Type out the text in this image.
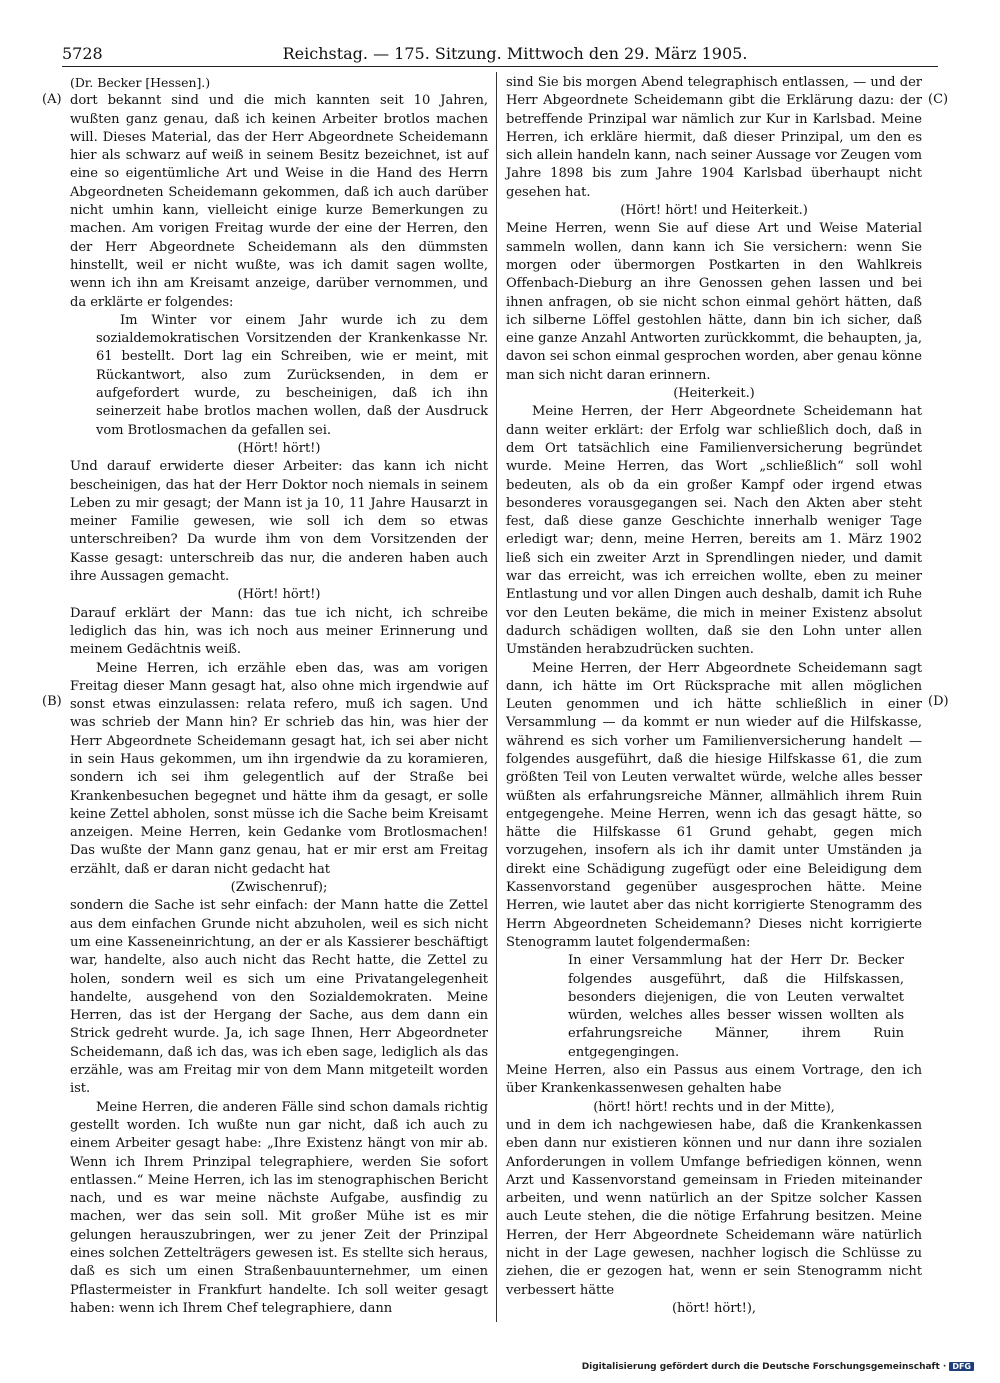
5728	Reichstag. — 175. Sitzung. Mittwoch den 29. März 1905.

(Dr. Becker [Hessen].)

dort bekannt sind und die mich kannten seit 10 Jahren, wußten ganz genau, daß ich keinen Arbeiter brotlos machen will. Dieses Material, das der Herr Abgeordnete Scheidemann hier als schwarz auf weiß in seinem Besitz bezeichnet, ist auf eine so eigentümliche Art und Weise in die Hand des Herrn Abgeordneten Scheidemann gekommen, daß ich auch darüber nicht umhin kann, vielleicht einige kurze Bemerkungen zu machen. Am vorigen Freitag wurde der eine der Herren, den der Herr Abgeordnete Scheidemann als den dümmsten hinstellt, weil er nicht wußte, was ich damit sagen wollte, wenn ich ihn am Kreisamt anzeige, darüber vernommen, und da erklärte er folgendes:

Im Winter vor einem Jahr wurde ich zu dem sozialdemokratischen Vorsitzenden der Krankenkasse Nr. 61 bestellt. Dort lag ein Schreiben, wie er meint, mit Rückantwort, also zum Zurücksenden, in dem er aufgefordert wurde, zu bescheinigen, daß ich ihn seinerzeit habe brotlos machen wollen, daß der Ausdruck vom Brotlosmachen da gefallen sei.

(Hört! hört!)

Und darauf erwiderte dieser Arbeiter: das kann ich nicht bescheinigen, das hat der Herr Doktor noch niemals in seinem Leben zu mir gesagt; der Mann ist ja 10, 11 Jahre Hausarzt in meiner Familie gewesen, wie soll ich dem so etwas unterschreiben? Da wurde ihm von dem Vorsitzenden der Kasse gesagt: unterschreib das nur, die anderen haben auch ihre Aussagen gemacht.

(Hört! hört!)

Darauf erklärt der Mann: das tue ich nicht, ich schreibe lediglich das hin, was ich noch aus meiner Erinnerung und meinem Gedächtnis weiß.

Meine Herren, ich erzähle eben das, was am vorigen Freitag dieser Mann gesagt hat, also ohne mich irgendwie auf sonst etwas einzulassen: relata refero, muß ich sagen. Und was schrieb der Mann hin? Er schrieb das hin, was hier der Herr Abgeordnete Scheidemann gesagt hat, ich sei aber nicht in sein Haus gekommen, um ihn irgendwie da zu koramieren, sondern ich sei ihm gelegentlich auf der Straße bei Krankenbesuchen begegnet und hätte ihm da gesagt, er solle keine Zettel abholen, sonst müsse ich die Sache beim Kreisamt anzeigen. Meine Herren, kein Gedanke vom Brotlosmachen! Das wußte der Mann ganz genau, hat er mir erst am Freitag erzählt, daß er daran nicht gedacht hat

(Zwischenruf);

sondern die Sache ist sehr einfach: der Mann hatte die Zettel aus dem einfachen Grunde nicht abzuholen, weil es sich nicht um eine Kasseneinrichtung, an der er als Kassierer beschäftigt war, handelte, also auch nicht das Recht hatte, die Zettel zu holen, sondern weil es sich um eine Privatangelegenheit handelte, ausgehend von den Sozialdemokraten. Meine Herren, das ist der Hergang der Sache, aus dem dann ein Strick gedreht wurde. Ja, ich sage Ihnen, Herr Abgeordneter Scheidemann, daß ich das, was ich eben sage, lediglich als das erzähle, was am Freitag mir von dem Mann mitgeteilt worden ist.

Meine Herren, die anderen Fälle sind schon damals richtig gestellt worden. Ich wußte nun gar nicht, daß ich auch zu einem Arbeiter gesagt habe: „Ihre Existenz hängt von mir ab. Wenn ich Ihrem Prinzipal telegraphiere, werden Sie sofort entlassen.“ Meine Herren, ich las im stenographischen Bericht nach, und es war meine nächste Aufgabe, ausfindig zu machen, wer das sein soll. Mit großer Mühe ist es mir gelungen herauszubringen, wer zu jener Zeit der Prinzipal eines solchen Zettelträgers gewesen ist. Es stellte sich heraus, daß es sich um einen Straßenbauunternehmer, um einen Pflastermeister in Frankfurt handelte. Ich soll weiter gesagt haben: wenn ich Ihrem Chef telegraphiere, dann

sind Sie bis morgen Abend telegraphisch entlassen, — und der Herr Abgeordnete Scheidemann gibt die Erklärung dazu: der betreffende Prinzipal war nämlich zur Kur in Karlsbad. Meine Herren, ich erkläre hiermit, daß dieser Prinzipal, um den es sich allein handeln kann, nach seiner Aussage vor Zeugen vom Jahre 1898 bis zum Jahre 1904 Karlsbad überhaupt nicht gesehen hat.

(Hört! hört! und Heiterkeit.)

Meine Herren, wenn Sie auf diese Art und Weise Material sammeln wollen, dann kann ich Sie versichern: wenn Sie morgen oder übermorgen Postkarten in den Wahlkreis Offenbach-Dieburg an ihre Genossen gehen lassen und bei ihnen anfragen, ob sie nicht schon einmal gehört hätten, daß ich silberne Löffel gestohlen hätte, dann bin ich sicher, daß eine ganze Anzahl Antworten zurückkommt, die behaupten, ja, davon sei schon einmal gesprochen worden, aber genau könne man sich nicht daran erinnern.

(Heiterkeit.)

Meine Herren, der Herr Abgeordnete Scheidemann hat dann weiter erklärt: der Erfolg war schließlich doch, daß in dem Ort tatsächlich eine Familienversicherung begründet wurde. Meine Herren, das Wort „schließlich“ soll wohl bedeuten, als ob da ein großer Kampf oder irgend etwas besonderes vorausgegangen sei. Nach den Akten aber steht fest, daß diese ganze Geschichte innerhalb weniger Tage erledigt war; denn, meine Herren, bereits am 1. März 1902 ließ sich ein zweiter Arzt in Sprendlingen nieder, und damit war das erreicht, was ich erreichen wollte, eben zu meiner Entlastung und vor allen Dingen auch deshalb, damit ich Ruhe vor den Leuten bekäme, die mich in meiner Existenz absolut dadurch schädigen wollten, daß sie den Lohn unter allen Umständen herabzudrücken suchten.

Meine Herren, der Herr Abgeordnete Scheidemann sagt dann, ich hätte im Ort Rücksprache mit allen möglichen Leuten genommen und ich hätte schließlich in einer Versammlung — da kommt er nun wieder auf die Hilfskasse, während es sich vorher um Familienversicherung handelt — folgendes ausgeführt, daß die hiesige Hilfskasse 61, die zum größten Teil von Leuten verwaltet würde, welche alles besser wüßten als erfahrungsreiche Männer, allmählich ihrem Ruin entgegengehe. Meine Herren, wenn ich das gesagt hätte, so hätte die Hilfskasse 61 Grund gehabt, gegen mich vorzugehen, insofern als ich ihr damit unter Umständen ja direkt eine Schädigung zugefügt oder eine Beleidigung dem Kassenvorstand gegenüber ausgesprochen hätte. Meine Herren, wie lautet aber das nicht korrigierte Stenogramm des Herrn Abgeordneten Scheidemann? Dieses nicht korrigierte Stenogramm lautet folgendermaßen:

In einer Versammlung hat der Herr Dr. Becker folgendes ausgeführt, daß die Hilfskassen, besonders diejenigen, die von Leuten verwaltet würden, welches alles besser wissen wollten als erfahrungsreiche Männer, ihrem Ruin entgegengingen.

Meine Herren, also ein Passus aus einem Vortrage, den ich über Krankenkassenwesen gehalten habe

(hört! hört! rechts und in der Mitte),

und in dem ich nachgewiesen habe, daß die Krankenkassen eben dann nur existieren können und nur dann ihre sozialen Anforderungen in vollem Umfange befriedigen können, wenn Arzt und Kassenvorstand gemeinsam in Frieden miteinander arbeiten, und wenn natürlich an der Spitze solcher Kassen auch Leute stehen, die die nötige Erfahrung besitzen. Meine Herren, der Herr Abgeordnete Scheidemann wäre natürlich nicht in der Lage gewesen, nachher logisch die Schlüsse zu ziehen, die er gezogen hat, wenn er sein Stenogramm nicht verbessert hätte

(hört! hört!),

(A)
(B)
(C)
(D)
Digitalisierung gefördert durch die Deutsche Forschungsgemeinschaft · DFG
